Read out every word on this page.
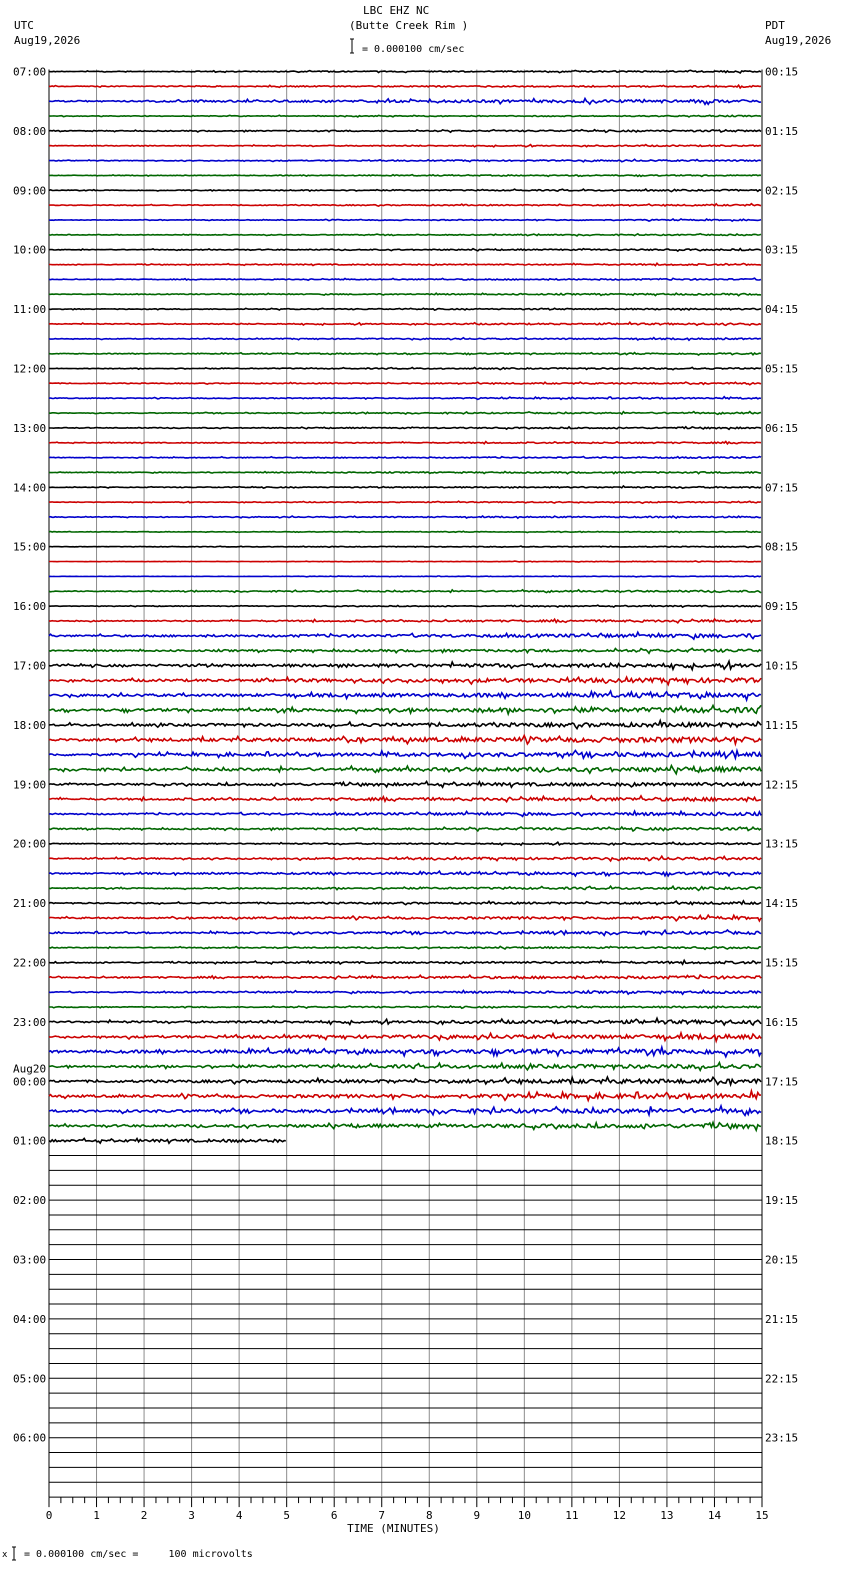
UTC
Aug19,2026
LBC EHZ NC
(Butte Creek Rim )
= 0.000100 cm/sec
PDT
Aug19,2026
x = 0.000100 cm/sec =     100 microvolts
07:00
08:00
09:00
10:00
11:00
12:00
13:00
14:00
15:00
16:00
17:00
18:00
19:00
20:00
21:00
22:00
23:00
00:00
01:00
02:00
03:00
04:00
05:00
06:00
00:15
01:15
02:15
03:15
04:15
05:15
06:15
07:15
08:15
09:15
10:15
11:15
12:15
13:15
14:15
15:15
16:15
17:15
18:15
19:15
20:15
21:15
22:15
23:15
Aug20
0	1	2	3	4	5	6	7	8	9	10	11	12	13	14	15
TIME (MINUTES)
